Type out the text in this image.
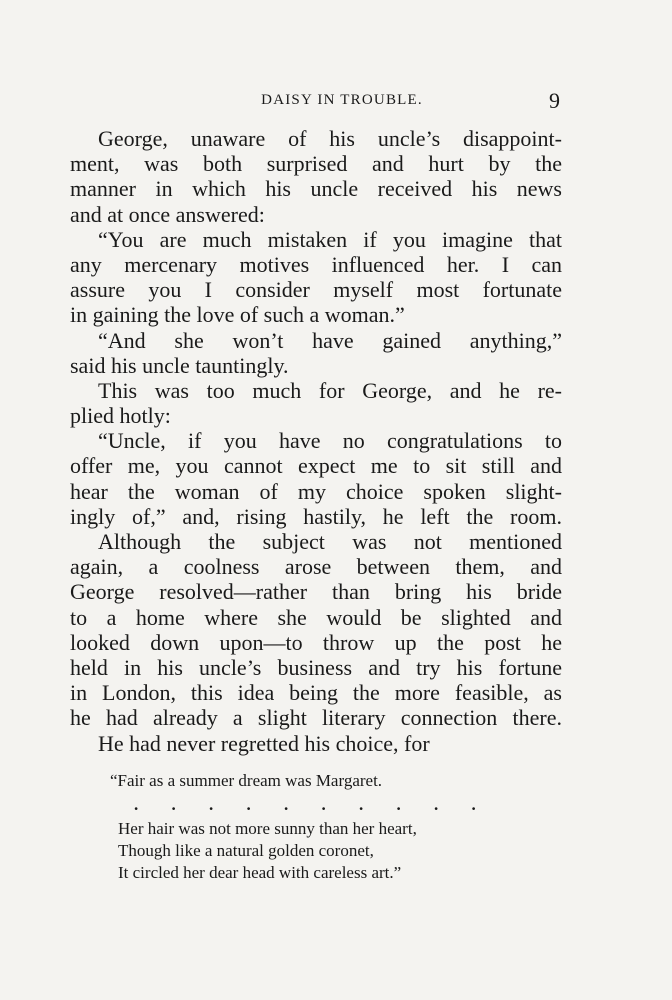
DAISY IN TROUBLE.	9
George, unaware of his uncle’s disappoint-
ment, was both surprised and hurt by the
manner in which his uncle received his news
and at once answered:
“You are much mistaken if you imagine that
any mercenary motives influenced her. I can
assure you I consider myself most fortunate
in gaining the love of such a woman.”
“And she won’t have gained anything,”
said his uncle tauntingly.
This was too much for George, and he re-
plied hotly:
“Uncle, if you have no congratulations to
offer me, you cannot expect me to sit still and
hear the woman of my choice spoken slight-
ingly of,” and, rising hastily, he left the room.
Although the subject was not mentioned
again, a coolness arose between them, and
George resolved—rather than bring his bride
to a home where she would be slighted and
looked down upon—to throw up the post he
held in his uncle’s business and try his fortune
in London, this idea being the more feasible, as
he had already a slight literary connection there.
He had never regretted his choice, for
“Fair as a summer dream was Margaret.
. . . . . . . . . .
Her hair was not more sunny than her heart,
Though like a natural golden coronet,
It circled her dear head with careless art.”
